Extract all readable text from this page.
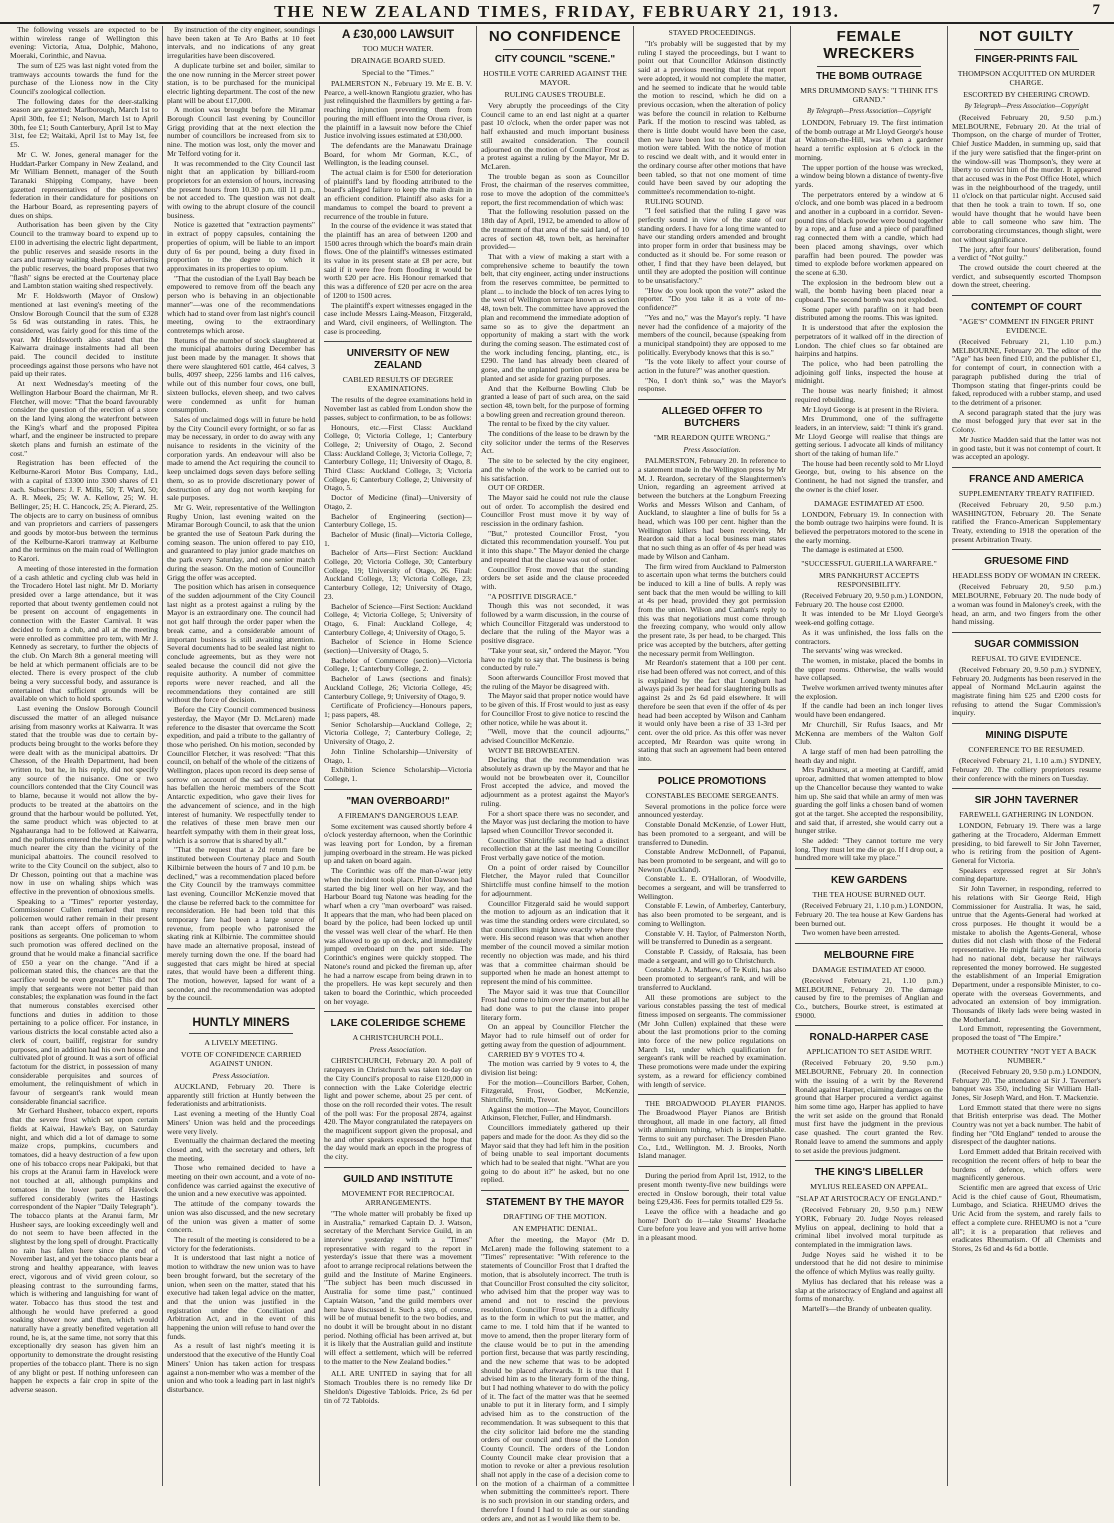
THE NEW ZEALAND TIMES, FRIDAY, FEBRUARY 21, 1913.	7

The following vessels are expected to be within wireless range of Wellington this evening: Victoria, Atua, Dolphic, Mahono, Moeraki, Corinthic, and Navua.

The sum of £25 was last night voted from the tramways accounts towards the fund for the purchase of the Lioness now in the City Council's zoological collection.

The following dates for the deer-stalking season are gazetted: Marlborough, March 1st to April 30th, fee £1; Nelson, March 1st to April 30th, fee £1; South Canterbury, April 1st to May 31st, fee £2; Waitaki, April 1st to May 1st, fee £5.

Mr C. W. Jones, general manager for the Huddart-Parker Company in New Zealand, and Mr William Bennett, manager of the South Taranaki Shipping Company, have been gazetted representatives of the shipowners' federation in their candidature for positions on the Harbour Board, as representing payers of dues on ships.

Authorisation has been given by the City Council to the tramway board to expend up to £100 in advertising the electric light department, the public reserves and seaside resorts in the cars and tramway waiting sheds. For advertising the public reserves, the board proposes that two "flash" signs be erected at the Courtenay place and Lambton station waiting shed respectively.

Mr F. Holdsworth (Mayor of Onslow) mentioned at last evening's meeting of the Onslow Borough Council that the sum of £328 5s 6d was outstanding in rates. This, he considered, was fairly good for this time of the year. Mr Holdsworth also stated that the Kaiwarra drainage instalments had all been paid. The council decided to institute proceedings against those persons who have not paid up their rates.

At next Wednesday's meeting of the Wellington Harbour Board the chairman, Mr R. Fletcher, will move: "That the board favourably consider the question of the erection of a store on the land lying along the waterfront between the King's wharf and the proposed Pipitea wharf, and the engineer be instructed to prepare sketch plans and furnish an estimate of the cost."

Registration has been effected of the Kelburne-Karori Motor Bus Company, Ltd., with a capital of £3300 into 3300 shares of £1 each. Subscribers: J. F. Mills, 50; T. Ward, 50; A. R. Meek, 25; W. A. Kellow, 25; W. H. Bellinger, 25; H. C. Hancock, 25; A. Pierard, 25. The objects are to carry on business of omnibus and van proprietors and carriers of passengers and goods by motor-bus between the terminus of the Kelburne-Karori tramway at Kelburne and the terminus on the main road of Wellington to Karori.

A meeting of those interested in the formation of a cash athletic and cycling club was held in the Trocadero Hotel last night. Mr D. Moriarty presided over a large attendance, but it was reported that about twenty gentlemen could not be present on account of engagements in connection with the Easter Carnival. It was decided to form a club, and all at the meeting were enrolled as committee pro tem, with Mr J. Kennedy as secretary, to further the objects of the club. On March 8th a general meeting will be held at which permanent officials are to be elected. There is every prospect of the club being a very successful body, and assurance is entertained that sufficient grounds will be available on which to hold sports.

Last evening the Onslow Borough Council discussed the matter of an alleged nuisance arising from masonry works at Kaiwarra. It was stated that the trouble was due to certain by-products being brought to the works before they were dealt with as the municipal abattoirs. Dr Chesson, of the Health Department, had been written to, but he, in his reply, did not specify any source of the nuisance. One or two councillors contended that the City Council was to blame, because it would not allow the by-products to be treated at the abattoirs on the ground that the harbour would be polluted. Yet, the same product which was objected to at Ngahauranga had to be followed at Kaiwarra, and the pollutions entered the harbour at a point much nearer the city than the vicinity of the municipal abattoirs. The council resolved to write to the City Council on the subject, also to Dr Chesson, pointing out that a machine was now in use on whaling ships which was effective in the prevention of obnoxious smells.

Speaking to a "Times" reporter yesterday, Commissioner Cullen remarked that many policemen would rather remain in their present rank than accept offers of promotion to positions as sergeants. One policeman to whom such promotion was offered declined on the ground that he would make a financial sacrifice of £50 a year on the change. "And if a policeman stated this, the chances are that the sacrifice would be even greater." This did not imply that sergeants were not better paid than constables; the explanation was found in the fact that numerous constables exercised other functions and duties in addition to those pertaining to a police officer. For instance, in various districts the local constable acted also a clerk of court, bailiff, registrar for sundry purposes, and in addition had his own house and cultivated plot of ground. It was a sort of official factotum for the district, in possession of many considerable perquisites and sources of emolument, the relinquishment of which in favour of sergeant's rank would mean considerable financial sacrifice.

Mr Gerhard Husheer, tobacco expert, reports that the severe frost which set upon certain fields at Kaiwai, Hawke's Bay, on Saturday night, and which did a lot of damage to some maize crops, pumpkins, cucumbers and tomatoes, did a heavy destruction of a few upon one of his tobacco crops near Pakipaki, but that his crops at the Aranui farm in Havelock were not touched at all, although pumpkins and tomatoes in the lower parts of Havelock suffered considerably (writes the Hastings correspondent of the Napier "Daily Telegraph"). The tobacco plants at the Aranui farm, Mr Husheer says, are looking exceedingly well and do not seem to have been affected in the slightest by the long spell of drought. Practically no rain has fallen here since the end of November last, and yet the tobacco plants bear a strong and healthy appearance, with leaves erect, vigorous and of vivid green colour, so pleasing contrast to the surrounding farms, which is withering and languishing for want of water. Tobacco has thus stood the test and although he would have preferred a good soaking shower now and then, which would naturally have a greatly benefited vegetation all round, he is, at the same time, not sorry that this exceptionally dry season has given him an opportunity to demonstrate the drought resisting properties of the tobacco plant. There is no sign of any blight or pest. If nothing unforeseen can happen he expects a fair crop in spite of the adverse season.

By instruction of the city engineer, soundings have been taken at Te Aro Baths at 10 feet intervals, and no indications of any great irregularities have been discovered.

A duplicate turbine set and boiler, similar to the one now running in the Mercer street power station, is to be purchased for the municipal electric lighting department. The cost of the new plant will be about £17,000.

A motion was brought before the Miramar Borough Council last evening by Councillor Grigg providing that at the next election the number of councillors be increased from six to nine. The motion was lost, only the mover and Mr Telford voting for it.

It was recommended to the City Council last night that an application by billiard-room proprietors for an extension of hours, increasing the present hours from 10.30 p.m. till 11 p.m., be not acceded to. The question was not dealt with owing to the abrupt closure of the council business.

Notice is gazetted that "extraction payments" in extract of poppy capsules, containing the properties of opium, will be liable to an import duty of 6s per pound, being a duty fixed in proportion to the degree to which it approximates in its properties to opium.

"That the custodian of the Lyall Bay beach be empowered to remove from off the beach any person who is behaving in an objectionable manner"—was one of the recommendations which had to stand over from last night's council meeting, owing to the extraordinary contretemps which arose.

Returns of the number of stock slaughtered at the municipal abattoirs during December has just been made by the manager. It shows that there were slaughtered 601 cattle, 464 calves, 3 bulls, 4097 sheep, 2256 lambs and 116 calves, while out of this number four cows, one bull, sixteen bullocks, eleven sheep, and two calves were condemned as unfit for human consumption.

Sales of unclaimed dogs will in future be held by the City Council every fortnight, or so far as may be necessary, in order to do away with any nuisance to residents in the vicinity of the corporation yards. An endeavour will also be made to amend the Act requiring the council to keep unclaimed dogs seven days before selling them, so as to provide discretionary power of destruction of any dog not worth keeping for sale purposes.

Mr G. Weir, representative of the Wellington Rugby Union, last evening waited on the Miramar Borough Council, to ask that the union be granted the use of Seatoun Park during the coming season. The union offered to pay £10, and guaranteed to play junior grade matches on the park every Saturday, and one senior match during the season. On the motion of Councillor Grigg the offer was accepted.

The position which has arisen in consequence of the sudden adjournment of the City Council last night as a protest against a ruling by the Mayor is an extraordinary one. The council had not got half through the order paper when the break came, and a considerable amount of important business is still awaiting attention. Several documents had to be sealed last night to conclude agreements, but as they were not sealed because the council did not give the requisite authority. A number of committee reports were never reached, and all the recommendations they contained are still without the force of decision.

Before the City Council commenced business yesterday, the Mayor (Mr D. McLaren) made reference to the disaster that overcame the Scott expedition, and paid a tribute to the gallantry of those who perished. On his motion, seconded by Councillor Fletcher, it was resolved: "That this council, on behalf of the whole of the citizens of Wellington, places upon record its deep sense of sorrow on account of the sad occurrence that has befallen the heroic members of the Scott Antarctic expedition, who gave their lives for the advancement of science, and in the high interest of humanity. We respectfully tender to the relatives of these men brave men our heartfelt sympathy with them in their great loss, which is a sorrow that is shared by all."

"That the request that a 2d return fare be instituted between Courtenay place and South Kilbirnie between the hours of 7 and 10 p.m. be declined," was a recommendation placed before the City Council by the tramways committee last evening. Councillor McKenzie moved that the clause be referred back to the committee for reconsideration. He had been told that this temporary fare had been a large source of revenue, from people who patronised the skating rink at Kilbirnie. The committee should have made an alternative proposal, instead of merely turning down the one. If the board had suggested that cars might be hired at special rates, that would have been a different thing. The motion, however, lapsed for want of a seconder, and the recommendation was adopted by the council.

HUNTLY MINERS
A LIVELY MEETING.
VOTE OF CONFIDENCE CARRIED AGAINST UNION.
Press Association.

AUCKLAND, February 20. There is apparently still friction at Huntly between the federationists and arbitrationists.

Last evening a meeting of the Huntly Coal Miners' Union was held and the proceedings were very lively.

Eventually the chairman declared the meeting closed and, with the secretary and others, left the meeting.

Those who remained decided to have a meeting on their own account, and a vote of no-confidence was carried against the executive of the union and a new executive was appointed.

The attitude of the company towards the union was also discussed, and the new secretary of the union was given a matter of some concern.

The result of the meeting is considered to be a victory for the federationists.

It is understood that last night a notice of motion to withdraw the new union was to have been brought forward, but the secretary of the union, when seen on the matter, stated that his executive had taken legal advice on the matter, and that the union was justified in the registration under the Conciliation and Arbitration Act, and in the event of this happening the union will refuse to hand over the funds.

As a result of last night's meeting it is understood that the executive of the Huntly Coal Miners' Union has taken action for trespass against a non-member who was a member of the union and who took a leading part in last night's disturbance.

A £30,000 LAWSUIT
TOO MUCH WATER.
DRAINAGE BOARD SUED.
Special to the "Times."

PALMERSTON N., February 19. Mr E. B. V. Pearce, a well-known Rangiotu grazier, who has just relinquished the flaxmillers by getting a far-reaching injunction preventing them from pouring the mill effluent into the Oroua river, is the plaintiff in a lawsuit now before the Chief Justice involving issues estimated at £30,000.

The defendants are the Manawatu Drainage Board, for whom Mr Gorman, K.C., of Wellington, is the leading counsel.

The actual claim is for £500 for deterioration of plaintiff's land by flooding attributed to the board's alleged failure to keep the main drain in an efficient condition. Plaintiff also asks for a mandamus to compel the board to prevent a recurrence of the trouble in future.

In the course of the evidence it was stated that the plaintiff has an area of between 1200 and 1500 acres through which the board's main drain flows. One of the plaintiff's witnesses estimated its value in its present state at £8 per acre, but said if it were free from flooding it would be worth £20 per acre. His Honour remarked that this was a difference of £20 per acre on the area of 1200 to 1500 acres.

The plaintiff's expert witnesses engaged in the case include Messrs Laing-Meason, Fitzgerald, and Ward, civil engineers, of Wellington. The case is proceeding.

UNIVERSITY OF NEW ZEALAND
CABLED RESULTS OF DEGREE EXAMINATIONS.

The results of the degree examinations held in November last as cabled from London show the passes, subject to confirmation, to be as follows:

Honours, etc.—First Class: Auckland College, 0; Victoria College, 1; Canterbury College, 2; University of Otago, 2. Second Class: Auckland College, 3; Victoria College, 7; Canterbury College, 11; University of Otago, 8. Third Class: Auckland College, 3; Victoria College, 6; Canterbury College, 2; University of Otago, 5.

Doctor of Medicine (final)—University of Otago, 2.

Bachelor of Engineering (section)—Canterbury College, 15.

Bachelor of Music (final)—Victoria College, 1.

Bachelor of Arts—First Section: Auckland College, 20; Victoria College, 30; Canterbury College, 19; University of Otago, 26. Final: Auckland College, 13; Victoria College, 23; Canterbury College, 12; University of Otago, 23.

Bachelor of Science—First Section: Auckland College, 4; Victoria College, 5; University of Otago, 6. Final: Auckland College, 4; Canterbury College, 4; University of Otago, 5.

Bachelor of Science in Home Science (section)—University of Otago, 5.

Bachelor of Commerce (section)—Victoria College, 1; Canterbury College, 2.

Bachelor of Laws (sections and finals): Auckland College, 26; Victoria College, 45; Canterbury College, 9; University of Otago, 9.

Certificate of Proficiency—Honours papers, 1; pass papers, 48.

Senior Scholarship—Auckland College, 2; Victoria College, 7; Canterbury College, 2; University of Otago, 2.

John Tinline Scholarship—University of Otago, 1.

Exhibition Science Scholarship—Victoria College, 1.

"MAN OVERBOARD!"
A FIREMAN'S DANGEROUS LEAP.

Some excitement was caused shortly before 4 o'clock yesterday afternoon, when the Corinthic was leaving port for London, by a fireman jumping overboard in the stream. He was picked up and taken on board again.

The Corinthic was off the man-o'-war jetty when the incident took place. Pilot Dawson had started the big liner well on her way, and the Harbour Board tug Natone was heading for the wharf when a cry "man overboard" was raised. It appears that the man, who had been placed on board by the police, had been locked up until the vessel was well clear of the wharf. He then was allowed to go up on deck, and immediately jumped overboard on the port side. The Corinthic's engines were quickly stopped. The Natone's round and picked the fireman up, after he had a narrow escape from being drawn in to the propellers. He was kept securely and then taken to board the Corinthic, which proceeded on her voyage.

LAKE COLERIDGE SCHEME
A CHRISTCHURCH POLL.
Press Association.

CHRISTCHURCH, February 20. A poll of ratepayers in Christchurch was taken to-day on the City Council's proposal to raise £120,000 in connection with the Lake Coleridge electric light and power scheme, about 25 per cent. of those on the roll recorded their votes. The result of the poll was: For the proposal 2874, against 420. The Mayor congratulated the ratepayers on the magnificent support given the proposal, and he and other speakers expressed the hope that the day would mark an epoch in the progress of the city.

GUILD AND INSTITUTE
MOVEMENT FOR RECIPROCAL ARRANGEMENTS.

"The whole matter will probably be fixed up in Australia," remarked Captain D. J. Watson, secretary of the Merchant Service Guild, in an interview yesterday with a "Times" representative with regard to the report in yesterday's issue that there was a movement afoot to arrange reciprocal relations between the guild and the Institute of Marine Engineers. "The subject has been much discussed in Australia for some time past," continued Captain Watson, "and the guild members over here have discussed it. Such a step, of course, will be of mutual benefit to the two bodies, and no doubt it will be brought about in no distant period. Nothing official has been arrived at, but it is likely that the Australian guild and institute will effect a settlement, which will be referred to the matter to the New Zealand bodies."

ALL ARE UNITED in saying that for all Stomach Troubles there is no remedy like Dr Sheldon's Digestive Tabloids. Price, 2s 6d per tin of 72 Tabloids.

NO CONFIDENCE
CITY COUNCIL "SCENE."
HOSTILE VOTE CARRIED AGAINST THE MAYOR.
RULING CAUSES TROUBLE.

Very abruptly the proceedings of the City Council came to an end last night at a quarter past 10 o'clock, when the order paper was not half exhausted and much important business still awaited consideration. The council adjourned on the motion of Councillor Frost as a protest against a ruling by the Mayor, Mr D. McLaren.

The trouble began as soon as Councillor Frost, the chairman of the reserves committee, rose to move the adoption of the committee's report, the first recommendation of which was:

That the following resolution passed on the 18th day of April, 1912, be amended to allow of the treatment of that area of the said land, of 10 acres of section 48, town belt, as hereinafter provided—

That with a view of making a start with a comprehensive scheme to beautify the town belt, that city engineer, acting under instructions from the reserves committee, be permitted to plant ... to include the block of ten acres lying to the west of Wellington terrace known as section 48, town belt. The committee have approved the plan and recommend the immediate adoption of same so as to give the department an opportunity of making a start with the work during the coming season. The estimated cost of the work including fencing, planting, etc., is £290. The land has already been cleared of gorse, and the unplanted portion of the area be planted and set aside for grazing purposes.

And that the Kelburne Bowling Club be granted a lease of part of such area, on the said section 48, town belt, for the purpose of forming a bowling green and recreation ground thereon.

The rental to be fixed by the city valuer.

The conditions of the lease to be drawn by the city solicitor under the terms of the Reserves Act.

The site to be selected by the city engineer, and the whole of the work to be carried out to his satisfaction.

OUT OF ORDER.

The Mayor said he could not rule the clause out of order. To accomplish the desired end Councillor Frost must move it by way of rescission in the ordinary fashion.

"But," protested Councillor Frost, "you dictated this recommendation yourself. You put it into this shape." The Mayor denied the charge and repeated that the clause was out of order.

Councillor Frost moved that the standing orders be set aside and the clause proceeded with.

"A POSITIVE DISGRACE."

Though this was not seconded, it was followed by a warm discussion, in the course of which Councillor Fitzgerald was understood to declare that the ruling of the Mayor was a positive disgrace.

"Take your seat, sir," ordered the Mayor. "You have no right to say that. The business is being conducted by rule."

Soon afterwards Councillor Frost moved that the ruling of the Mayor be disagreed with.

The Mayor said that proper notice would have to be given of this. If Frost would to just as easy for Councillor Frost to give notice to rescind the other notice, while he was about it.

"Well, move that the council adjourns," advised Councillor McKenzie.

WON'T BE BROWBEATEN.

Declaring that the recommendation was absolutely as drawn up by the Mayor and that he would not be browbeaten over it, Councillor Frost accepted the advice, and moved the adjournment as a protest against the Mayor's ruling.

For a short space there was no seconder, and the Mayor was just declaring the motion to have lapsed when Councillor Trevor seconded it.

Councillor Shirtcliffe said he had a distinct recollection that at the last meeting Councillor Frost verbally gave notice of the motion.

On a point of order raised by Councillor Fletcher, the Mayor ruled that Councillor Shirtcliffe must confine himself to the motion for adjournment.

Councillor Fitzgerald said he would support the motion to adjourn as an indication that it was time the standing orders were circulated, so that councillors might know exactly where they were. His second reason was that when another member of the council moved a similar motion recently no objection was made, and his third was that a committee chairman should be supported when he made an honest attempt to represent the mind of his committee.

The Mayor said it was true that Councillor Frost had come to him over the matter, but all he had done was to put the clause into proper literary form.

On an appeal by Councillor Fletcher the Mayor had to rule himself out of order for getting away from the question of adjournment.

CARRIED BY 9 VOTES TO 4.

The motion was carried by 9 votes to 4, the division list being:

For the motion—Councillors Barber, Cohen, Fitzgerald, Frost, Godber, McKenzie, Shirtcliffe, Smith, Trevor.

Against the motion—The Mayor, Councillors Atkinson, Fletcher, Fuller, and Hindmarsh.

Councillors immediately gathered up their papers and made for the door. As they did so the Mayor said that they had left him in the position of being unable to seal important documents which had to be sealed that night. "What are you going to do about it?" he asked, but no one replied.

STATEMENT BY THE MAYOR
DRAFTING OF THE MOTION.
AN EMPHATIC DENIAL.

After the meeting, the Mayor (Mr D. McLaren) made the following statement to a "Times" representative: "With reference to the statements of Councillor Frost that I drafted the motion, that is absolutely incorrect. The truth is that Councillor Frost consulted the city solicitor, who advised him that the proper way was to amend and not to rescind the previous resolution. Councillor Frost was in a difficulty as to the form in which to put the matter, and came to me. I told him that if he wanted to move to amend, then the proper literary form of the clause would be to put in the amending portion first, because that was partly rescinding, and the new scheme that was to be adopted should be placed afterwards. It is true that I advised him as to the literary form of the thing, but I had nothing whatever to do with the policy of it. The fact of the matter was that he seemed unable to put it in literary form, and I simply advised him as to the construction of the recommendation. It was subsequent to this that the city solicitor laid before me the standing orders of our council and those of the London County Council. The orders of the London County Council make clear provision that a motion to revoke or alter a previous resolution shall not apply in the case of a decision come to on the motion of a chairman of a committee when submitting the committee's report. There is no such provision in our standing orders, and therefore I found I had to rule as our standing orders are, and not as I would like them to be.

STAYED PROCEEDINGS.

"It's probably will be suggested that by my ruling I stayed the proceedings, but I want to point out that Councillor Atkinson distinctly said at a previous meeting that if that report were adopted, it would not complete the matter, and he seemed to indicate that he would table the motion to rescind, which he did on a previous occasion, when the alteration of policy was before the council in relation to Kelburne Park. If the motion to rescind was tabled, as there is little doubt would have been the case, then we have been lost to the Mayor if that motion were tabled. With the notice of motion to rescind we dealt with, and it would enter in the ordinary course after other motions that have been tabled, so that not one moment of time could have been saved by our adopting the committee's recommendation to-night.

RULING SOUND.

"I feel satisfied that the ruling I gave was perfectly sound in view of the state of our standing orders. I have for a long time wanted to have our standing orders amended and brought into proper form in order that business may be conducted as it should be. For some reason or other, I find that they have been delayed, but until they are adopted the position will continue to be unsatisfactory."

"How do you look upon the vote?" asked the reporter. "Do you take it as a vote of no-confidence?"

"Yes and no," was the Mayor's reply. "I have never had the confidence of a majority of the members of the council, because (speaking from a municipal standpoint) they are opposed to me politically. Everybody knows that this is so."

"Is the vote likely to affect your course of action in the future?" was another question.

"No, I don't think so," was the Mayor's response.

ALLEGED OFFER TO BUTCHERS
"MR REARDON QUITE WRONG."
Press Association.

PALMERSTON, February 20. In reference to a statement made in the Wellington press by Mr M. J. Reardon, secretary of the Slaughtermen's Union, regarding an agreement arrived at between the butchers at the Longburn Freezing Works and Messrs Wilson and Canham, of Auckland, to slaughter a line of bulls for 5s a head, which was 100 per cent. higher than the Wellington killers had been receiving, Mr Reardon said that a local business man states that no such thing as an offer of 4s per head was made by Wilson and Canham.

The firm wired from Auckland to Palmerston to ascertain upon what terms the butchers could be induced to kill a line of bulls. A reply was sent back that the men would be willing to kill at 4s per head, provided they got permission from the union. Wilson and Canham's reply to this was that negotiations must come through the freezing company, who would only allow the present rate, 3s per head, to be charged. This price was accepted by the butchers, after getting the necessary permit from Wellington.

Mr Reardon's statement that a 100 per cent. rise had been offered was not correct, and of this is explained by the fact that Longburn had always paid 3s per head for slaughtering bulls as against 2s and 2s 6d paid elsewhere. It will therefore be seen that even if the offer of 4s per head had been accepted by Wilson and Canham it would only have been a rise of 33 1-3rd per cent. over the old price. As this offer was never accepted, Mr Reardon was quite wrong in stating that such an agreement had been entered into.

POLICE PROMOTIONS
CONSTABLES BECOME SERGEANTS.

Several promotions in the police force were announced yesterday.

Constable Donald McKenzie, of Lower Hutt, has been promoted to a sergeant, and will be transferred to Dunedin.

Constable Andrew McDonnell, of Papanui, has been promoted to be sergeant, and will go to Newton (Auckland).

Constable L. E. O'Halloran, of Woodville, becomes a sergeant, and will be transferred to Wellington.

Constable F. Lewin, of Amberley, Canterbury, has also been promoted to be sergeant, and is coming to Wellington.

Constable V. H. Taylor, of Palmerston North, will be transferred to Dunedin as a sergeant.

Constable P. Cassidy, of Raksaia, has been made a sergeant, and will go to Christchurch.

Constable J. A. Matthew, of Te Kuiti, has also been promoted to sergeant's rank, and will be transferred to Auckland.

All these promotions are subject to the various constables passing the test of medical fitness imposed on sergeants. The commissioner (Mr John Cullen) explained that these were about the last promotions prior to the coming into force of the new police regulations on March 1st, under which qualification for sergeant's rank will be reached by examination. These promotions were made under the expiring system, as a reward for efficiency combined with length of service.

THE BROADWOOD PLAYER PIANOS. The Broadwood Player Pianos are British throughout, all made in one factory, all fitted with aluminium tubing, which is imperishable. Terms to suit any purchaser. The Dresden Piano Co., Ltd., Wellington. M. J. Brooks, North Island manager.

During the period from April 1st, 1912, to the present month twenty-five new buildings were erected in Onslow borough, their total value being £29,436. Fees for permits totalled £29 5s.

Leave the office with a headache and go home? Don't do it—take Stearns' Headache Cure before you leave and you will arrive home in a pleasant mood.

FEMALE WRECKERS
THE BOMB OUTRAGE
MRS DRUMMOND SAYS: "I THINK IT'S GRAND."
By Telegraph—Press Association—Copyright

LONDON, February 19. The first intimation of the bomb outrage at Mr Lloyd George's house at Walton-on-the-Hill, was when a gardener heard a terrific explosion at 6 o'clock in the morning.

The upper portion of the house was wrecked, a window being blown a distance of twenty-five yards.

The perpetrators entered by a window at 6 o'clock, and one bomb was placed in a bedroom and another in a cupboard in a corridor. Seven-pound tins of black powder were bound together by a rope, and a fuse and a piece of paraffined rag connected them with a candle, which had been placed among shavings, over which paraffin had been poured. The powder was timed to explode before workmen appeared on the scene at 6.30.

The explosion in the bedroom blew out a wall, the bomb having been placed near a cupboard. The second bomb was not exploded.

Some paper with paraffin on it had been distributed among the rooms. This was ignited.

It is understood that after the explosion the perpetrators of it walked off in the direction of London. The chief clues so far obtained are hairpins and hatpins.

The police, who had been patrolling the adjoining golf links, inspected the house at midnight.

The house was nearly finished; it almost required rebuilding.

Mr Lloyd George is at present in the Riviera.

Mrs Drummond, one of the suffragette leaders, in an interview, said: "I think it's grand. Mr Lloyd George will realise that things are getting serious. I advocate all kinds of militancy short of the taking of human life."

The house had been recently sold to Mr Lloyd George, but, owing to his absence on the Continent, he had not signed the transfer, and the owner is the chief loser.

DAMAGE ESTIMATED AT £500.

LONDON, February 19. In connection with the bomb outrage two hairpins were found. It is believed the perpetrators motored to the scene in the early morning.

The damage is estimated at £500.

"SUCCESSFUL GUERILLA WARFARE."
MRS PANKHURST ACCEPTS RESPONSIBILITY.

(Received February 20, 9.50 p.m.) LONDON, February 20. The house cost £2000.

It was intended to be Mr Lloyd George's week-end golfing cottage.

As it was unfinished, the loss falls on the contractors.

The servants' wing was wrecked.

The women, in mistake, placed the bombs in the upper rooms. Otherwise, the walls would have collapsed.

Twelve workmen arrived twenty minutes after the explosion.

If the candle had been an inch longer lives would have been endangered.

Mr Churchill, Sir Rufus Isaacs, and Mr McKenna are members of the Walton Golf Club.

A large staff of men had been patrolling the heath day and night.

Mrs Pankhurst, at a meeting at Cardiff, amid uproar, admitted that women attempted to blow up the Chancellor because they wanted to wake him up. She said that while an army of men was guarding the golf links a chosen band of women got at the target. She accepted the responsibility, and said that, if arrested, she would carry out a hunger strike.

She added: "They cannot torture me very long. They must let me die or go. If I drop out, a hundred more will take my place."

KEW GARDENS
THE TEA HOUSE BURNED OUT.

(Received February 21, 1.10 p.m.) LONDON, February 20. The tea house at Kew Gardens has been burned out.

Two women have been arrested.

MELBOURNE FIRE
DAMAGE ESTIMATED AT £9000.

(Received February 21, 1.10 p.m.) MELBOURNE, February 20. The damage caused by fire to the premises of Anglian and Co., butchers, Bourke street, is estimated at £9000.

RONALD-HARPER CASE
APPLICATION TO SET ASIDE WRIT.

(Received February 20, 9.50 p.m.) MELBOURNE, February 20. In connection with the issuing of a writ by the Reverend Ronald against Harper, claiming damages on the ground that Harper procured a verdict against him some time ago, Harper has applied to have the writ set aside on the ground that Ronald must first have the judgment in the previous case quashed. The court granted the Rev. Ronald leave to amend the summons and apply to set aside the previous judgment.

THE KING'S LIBELLER
MYLIUS RELEASED ON APPEAL.
"SLAP AT ARISTOCRACY OF ENGLAND."

(Received February 20, 9.50 p.m.) NEW YORK, February 20. Judge Noyes released Mylius on appeal, declining to hold that a criminal libel involved moral turpitude as contemplated in the immigration laws.

Judge Noyes said he wished it to be understood that he did not desire to minimise the offence of which Mylius was really guilty.

Mylius has declared that his release was a slap at the aristocracy of England and against all forms of monarchy.

Martell's—the Brandy of unbeaten quality.

NOT GUILTY
FINGER-PRINTS FAIL
THOMPSON ACQUITTED ON MURDER CHARGE.
ESCORTED BY CHEERING CROWD.
By Telegraph—Press Association—Copyright

(Received February 20, 9.50 p.m.) MELBOURNE, February 20. At the trial of Thompson, on the charge of murder of Trotter, Chief Justice Madden, in summing up, said that if the jury were satisfied that the finger-print on the window-sill was Thompson's, they were at liberty to convict him of the murder. It appeared that accused was in the Post Office Hotel, which was in the neighbourhood of the tragedy, until 11 o'clock on that particular night. Accused said that then he took a train to town. If so, one would have thought that he would have been able to call someone who saw him. The corroborating circumstances, though slight, were not without significance.

The jury, after four hours' deliberation, found a verdict of "Not guilty."

The crowd outside the court cheered at the verdict, and subsequently escorted Thompson down the street, cheering.

CONTEMPT OF COURT
"AGE'S" COMMENT IN FINGER PRINT EVIDENCE.

(Received February 21, 1.10 p.m.) MELBOURNE, February 20. The editor of the "Age" has been fined £10, and the publisher £1, for contempt of court, in connection with a paragraph published during the trial of Thompson stating that finger-prints could be faked, reproduced with a rubber stamp, and used to the detriment of a prisoner.

A second paragraph stated that the jury was the most befogged jury that ever sat in the Colony.

Mr Justice Madden said that the latter was not in good taste, but it was not contempt of court. It was accepted an apology.

FRANCE AND AMERICA
SUPPLEMENTARY TREATY RATIFIED.

(Received February 20, 9.50 p.m.) WASHINGTON, February 20. The Senate ratified the Franco-American Supplementary Treaty, extending to 1918 the operation of the present Arbitration Treaty.

GRUESOME FIND
HEADLESS BODY OF WOMAN IN CREEK.

(Received February 20, 9.50 p.m.) MELBOURNE, February 20. The nude body of a woman was found in Maloney's creek, with the head, an arm, and two fingers from the other hand missing.

SUGAR COMMISSION
REFUSAL TO GIVE EVIDENCE.

(Received February 20, 9.50 p.m.) SYDNEY, February 20. Judgments has been reserved in the appeal of Normand McLaurin against the magistrate fining him £25 and £200 costs for refusing to attend the Sugar Commission's inquiry.

MINING DISPUTE
CONFERENCE TO BE RESUMED.

(Received February 21, 1.10 a.m.) SYDNEY, February 20. The colliery proprietors resume their conference with the miners on Tuesday.

SIR JOHN TAVERNER
FAREWELL GATHERING IN LONDON.

LONDON, February 19. There was a large gathering at the Trocadero, Alderman Emmett presiding, to bid farewell to Sir John Taverner, who is retiring from the position of Agent-General for Victoria.

Speakers expressed regret at Sir John's coming departure.

Sir John Taverner, in responding, referred to his relations with Sir George Reid, High Commissioner for Australia. It was, he said, untrue that the Agents-General had worked at cross purposes. He thought it would be a mistake to abolish the Agents-General, whose duties did not clash with those of the Federal representative. He might fairly say that Victoria had no national debt, because her railways represented the money borrowed. He suggested the establishment of an Imperial Emigration Department, under a responsible Minister, to co-operate with the overseas Governments, and advocated an extension of boy immigration. Thousands of likely lads were being wasted in the Motherland.

Lord Emmott, representing the Government, proposed the toast of "The Empire."

MOTHER COUNTRY "NOT YET A BACK NUMBER."

(Received February 20, 9.50 p.m.) LONDON, February 20. The attendance at Sir J. Taverner's banquet was 350, including Sir William Hall-Jones, Sir Joseph Ward, and Hon. T. Mackenzie.

Lord Emmott stated that there were no signs that British enterprise was dead. The Mother Country was not yet a back number. The habit of finding her "Old England" tended to arouse the disrespect of the daughter nations.

Lord Emmett added that Britain received with recognition the recent offers of help to bear the burdens of defence, which offers were magnificently generous.

Scientific men are agreed that excess of Uric Acid is the chief cause of Gout, Rheumatism, Lumbago, and Sciatica. RHEUMO drives the Uric Acid from the system, and rarely fails to effect a complete cure. RHEUMO is not a "cure all"; it is a preparation that relieves and eradicates Rheumatism. Of all Chemists and Stores, 2s 6d and 4s 6d a bottle.
